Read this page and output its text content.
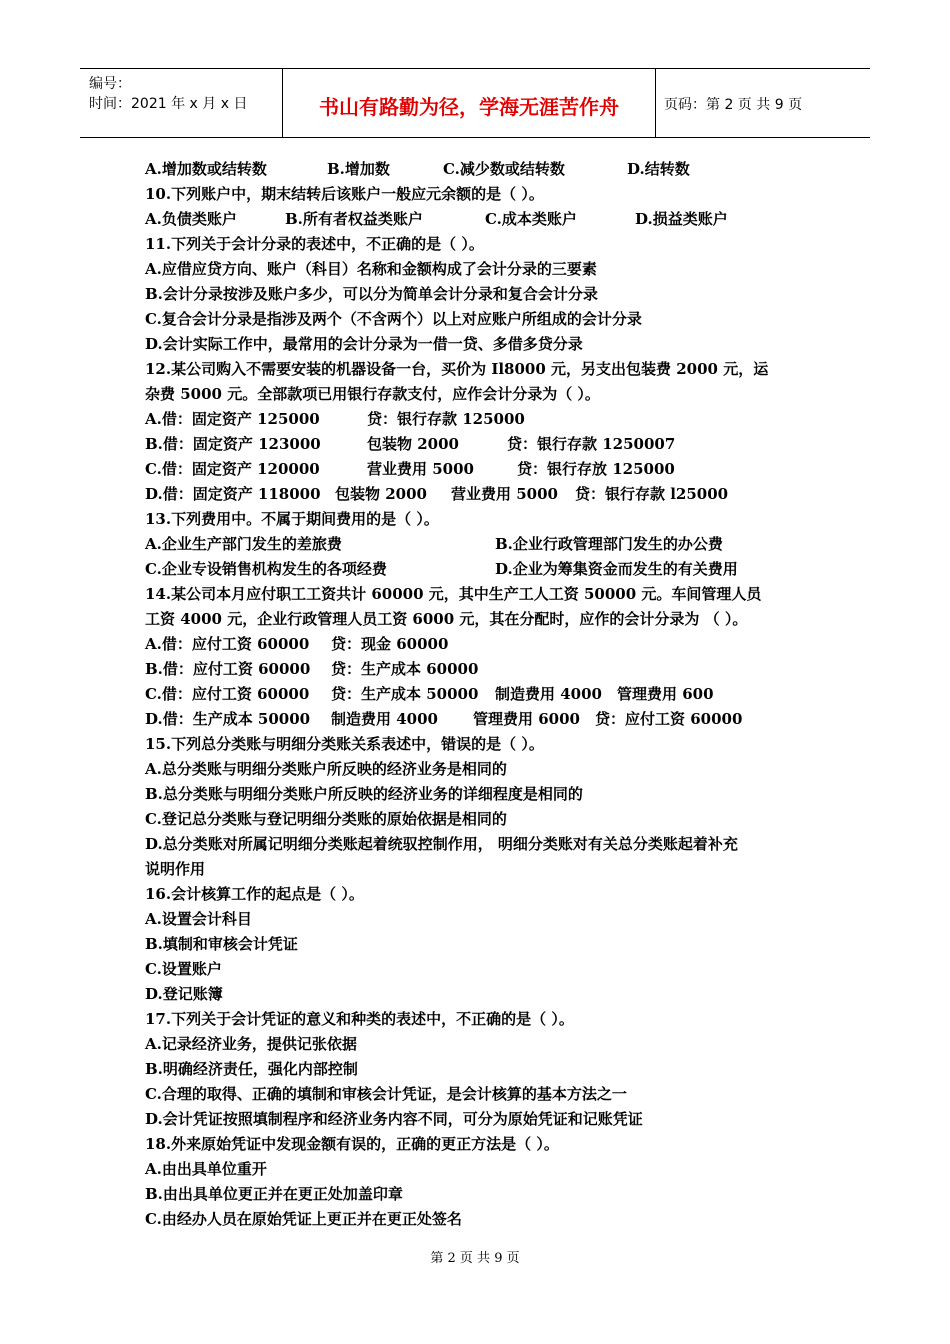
编号：
时间：2021 年 x 月 x 日	书山有路勤为径，学海无涯苦作舟	页码：第 2 页 共 9 页
A.增加数或结转数	B.增加数	C.减少数或结转数	D.结转数
10.下列账户中，期末结转后该账户一般应元余额的是（ ）。
A.负债类账户	B.所有者权益类账户	C.成本类账户	D.损益类账户
11.下列关于会计分录的表述中，不正确的是（ ）。
A.应借应贷方向、账户（科目）名称和金额构成了会计分录的三要素
B.会计分录按涉及账户多少，可以分为简单会计分录和复合会计分录
C.复合会计分录是指涉及两个（不含两个）以上对应账户所组成的会计分录
D.会计实际工作中，最常用的会计分录为一借一贷、多借多贷分录
12.某公司购入不需要安装的机器设备一台，买价为 Il8000 元，另支出包装费 2000 元，运
杂费 5000 元。全部款项已用银行存款支付，应作会计分录为（ ）。
A.借：固定资产 125000	贷：银行存款 125000
B.借：固定资产 123000	包装物 2000	贷：银行存款 1250007
C.借：固定资产 120000	营业费用 5000	贷：银行存放 125000
D.借：固定资产 118000 包装物 2000 营业费用 5000 贷：银行存款 l25000
13.下列费用中。不属于期间费用的是（ ）。
A.企业生产部门发生的差旅费	B.企业行政管理部门发生的办公费
C.企业专设销售机构发生的各项经费	D.企业为筹集资金而发生的有关费用
14.某公司本月应付职工工资共计 60000 元，其中生产工人工资 50000 元。车间管理人员
工资 4000 元，企业行政管理人员工资 6000 元，其在分配时，应作的会计分录为 （ ）。
A.借：应付工资 60000 贷：现金 60000
B.借：应付工资 60000 贷：生产成本 60000
C.借：应付工资 60000 贷：生产成本 50000 制造费用 4000 管理费用 600
D.借：生产成本 50000 制造费用 4000 管理费用 6000 贷：应付工资 60000
15.下列总分类账与明细分类账关系表述中，错误的是（ ）。
A.总分类账与明细分类账户所反映的经济业务是相同的
B.总分类账与明细分类账户所反映的经济业务的详细程度是相同的
C.登记总分类账与登记明细分类账的原始依据是相同的
D.总分类账对所属记明细分类账起着统驭控制作用， 明细分类账对有关总分类账起着补充
说明作用
16.会计核算工作的起点是（ ）。
A.设置会计科目
B.填制和审核会计凭证
C.设置账户
D.登记账簿
17.下列关于会计凭证的意义和种类的表述中，不正确的是（ ）。
A.记录经济业务，提供记张依据
B.明确经济责任，强化内部控制
C.合理的取得、正确的填制和审核会计凭证，是会计核算的基本方法之一
D.会计凭证按照填制程序和经济业务内容不同，可分为原始凭证和记账凭证
18.外来原始凭证中发现金额有误的，正确的更正方法是（ ）。
A.由出具单位重开
B.由出具单位更正并在更正处加盖印章
C.由经办人员在原始凭证上更正并在更正处签名
第 2 页 共 9 页
